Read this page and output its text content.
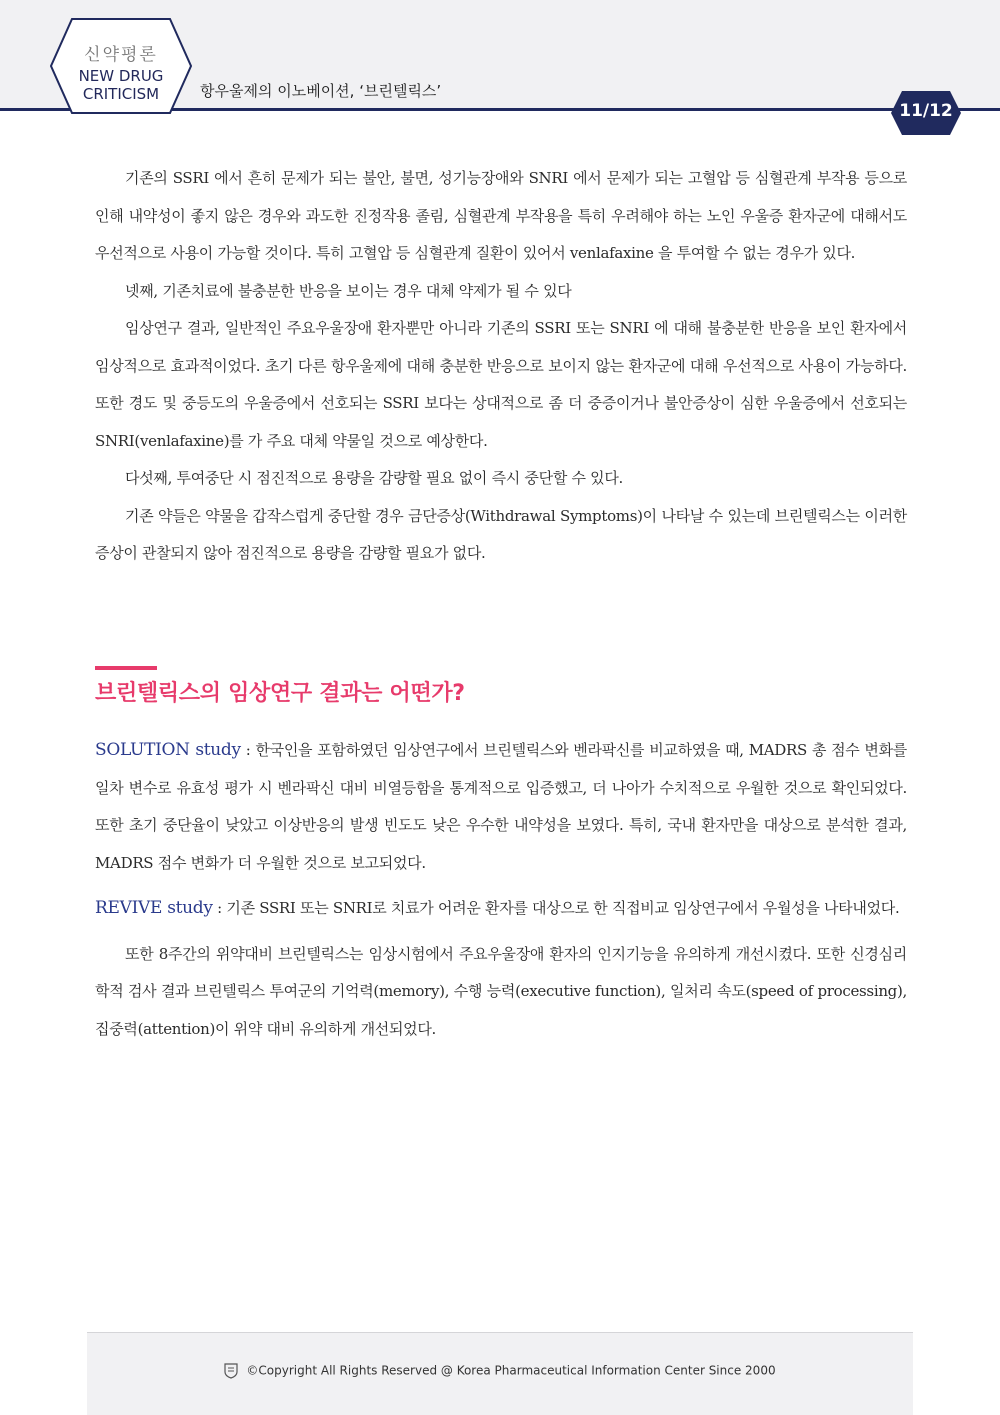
신약평론
NEW DRUG
CRITICISM	항우울제의 이노베이션, ‘브린텔릭스’
11/12

기존의 SSRI 에서 흔히 문제가 되는 불안, 불면, 성기능장애와 SNRI 에서 문제가 되는 고혈압 등 심혈관계 부작용 등으로 인해 내약성이 좋지 않은 경우와 과도한 진정작용 졸림, 심혈관계 부작용을 특히 우려해야 하는 노인 우울증 환자군에 대해서도 우선적으로 사용이 가능할 것이다. 특히 고혈압 등 심혈관계 질환이 있어서 venlafaxine 을 투여할 수 없는 경우가 있다.

넷째, 기존치료에 불충분한 반응을 보이는 경우 대체 약제가 될 수 있다

임상연구 결과, 일반적인 주요우울장애 환자뿐만 아니라 기존의 SSRI 또는 SNRI 에 대해 불충분한 반응을 보인 환자에서 임상적으로 효과적이었다. 초기 다른 항우울제에 대해 충분한 반응으로 보이지 않는 환자군에 대해 우선적으로 사용이 가능하다. 또한 경도 및 중등도의 우울증에서 선호되는 SSRI 보다는 상대적으로 좀 더 중증이거나 불안증상이 심한 우울증에서 선호되는 SNRI(venlafaxine)를 가 주요 대체 약물일 것으로 예상한다.

다섯째, 투여중단 시 점진적으로 용량을 감량할 필요 없이 즉시 중단할 수 있다.

기존 약들은 약물을 갑작스럽게 중단할 경우 금단증상(Withdrawal Symptoms)이 나타날 수 있는데 브린텔릭스는 이러한 증상이 관찰되지 않아 점진적으로 용량을 감량할 필요가 없다.

브린텔릭스의 임상연구 결과는 어떤가?

SOLUTION study : 한국인을 포함하였던 임상연구에서 브린텔릭스와 벤라팍신를 비교하였을 때, MADRS 총 점수 변화를 일차 변수로 유효성 평가 시 벤라팍신 대비 비열등함을 통계적으로 입증했고, 더 나아가 수치적으로 우월한 것으로 확인되었다. 또한 초기 중단율이 낮았고 이상반응의 발생 빈도도 낮은 우수한 내약성을 보였다. 특히, 국내 환자만을 대상으로 분석한 결과, MADRS 점수 변화가 더 우월한 것으로 보고되었다.

REVIVE study : 기존 SSRI 또는 SNRI로 치료가 어려운 환자를 대상으로 한 직접비교 임상연구에서 우월성을 나타내었다.

또한 8주간의 위약대비 브린텔릭스는 임상시험에서 주요우울장애 환자의 인지기능을 유의하게 개선시켰다. 또한 신경심리학적 검사 결과 브린텔릭스 투여군의 기억력(memory), 수행 능력(executive function), 일처리 속도(speed of processing), 집중력(attention)이 위약 대비 유의하게 개선되었다.

©Copyright All Rights Reserved @ Korea Pharmaceutical Information Center Since 2000
